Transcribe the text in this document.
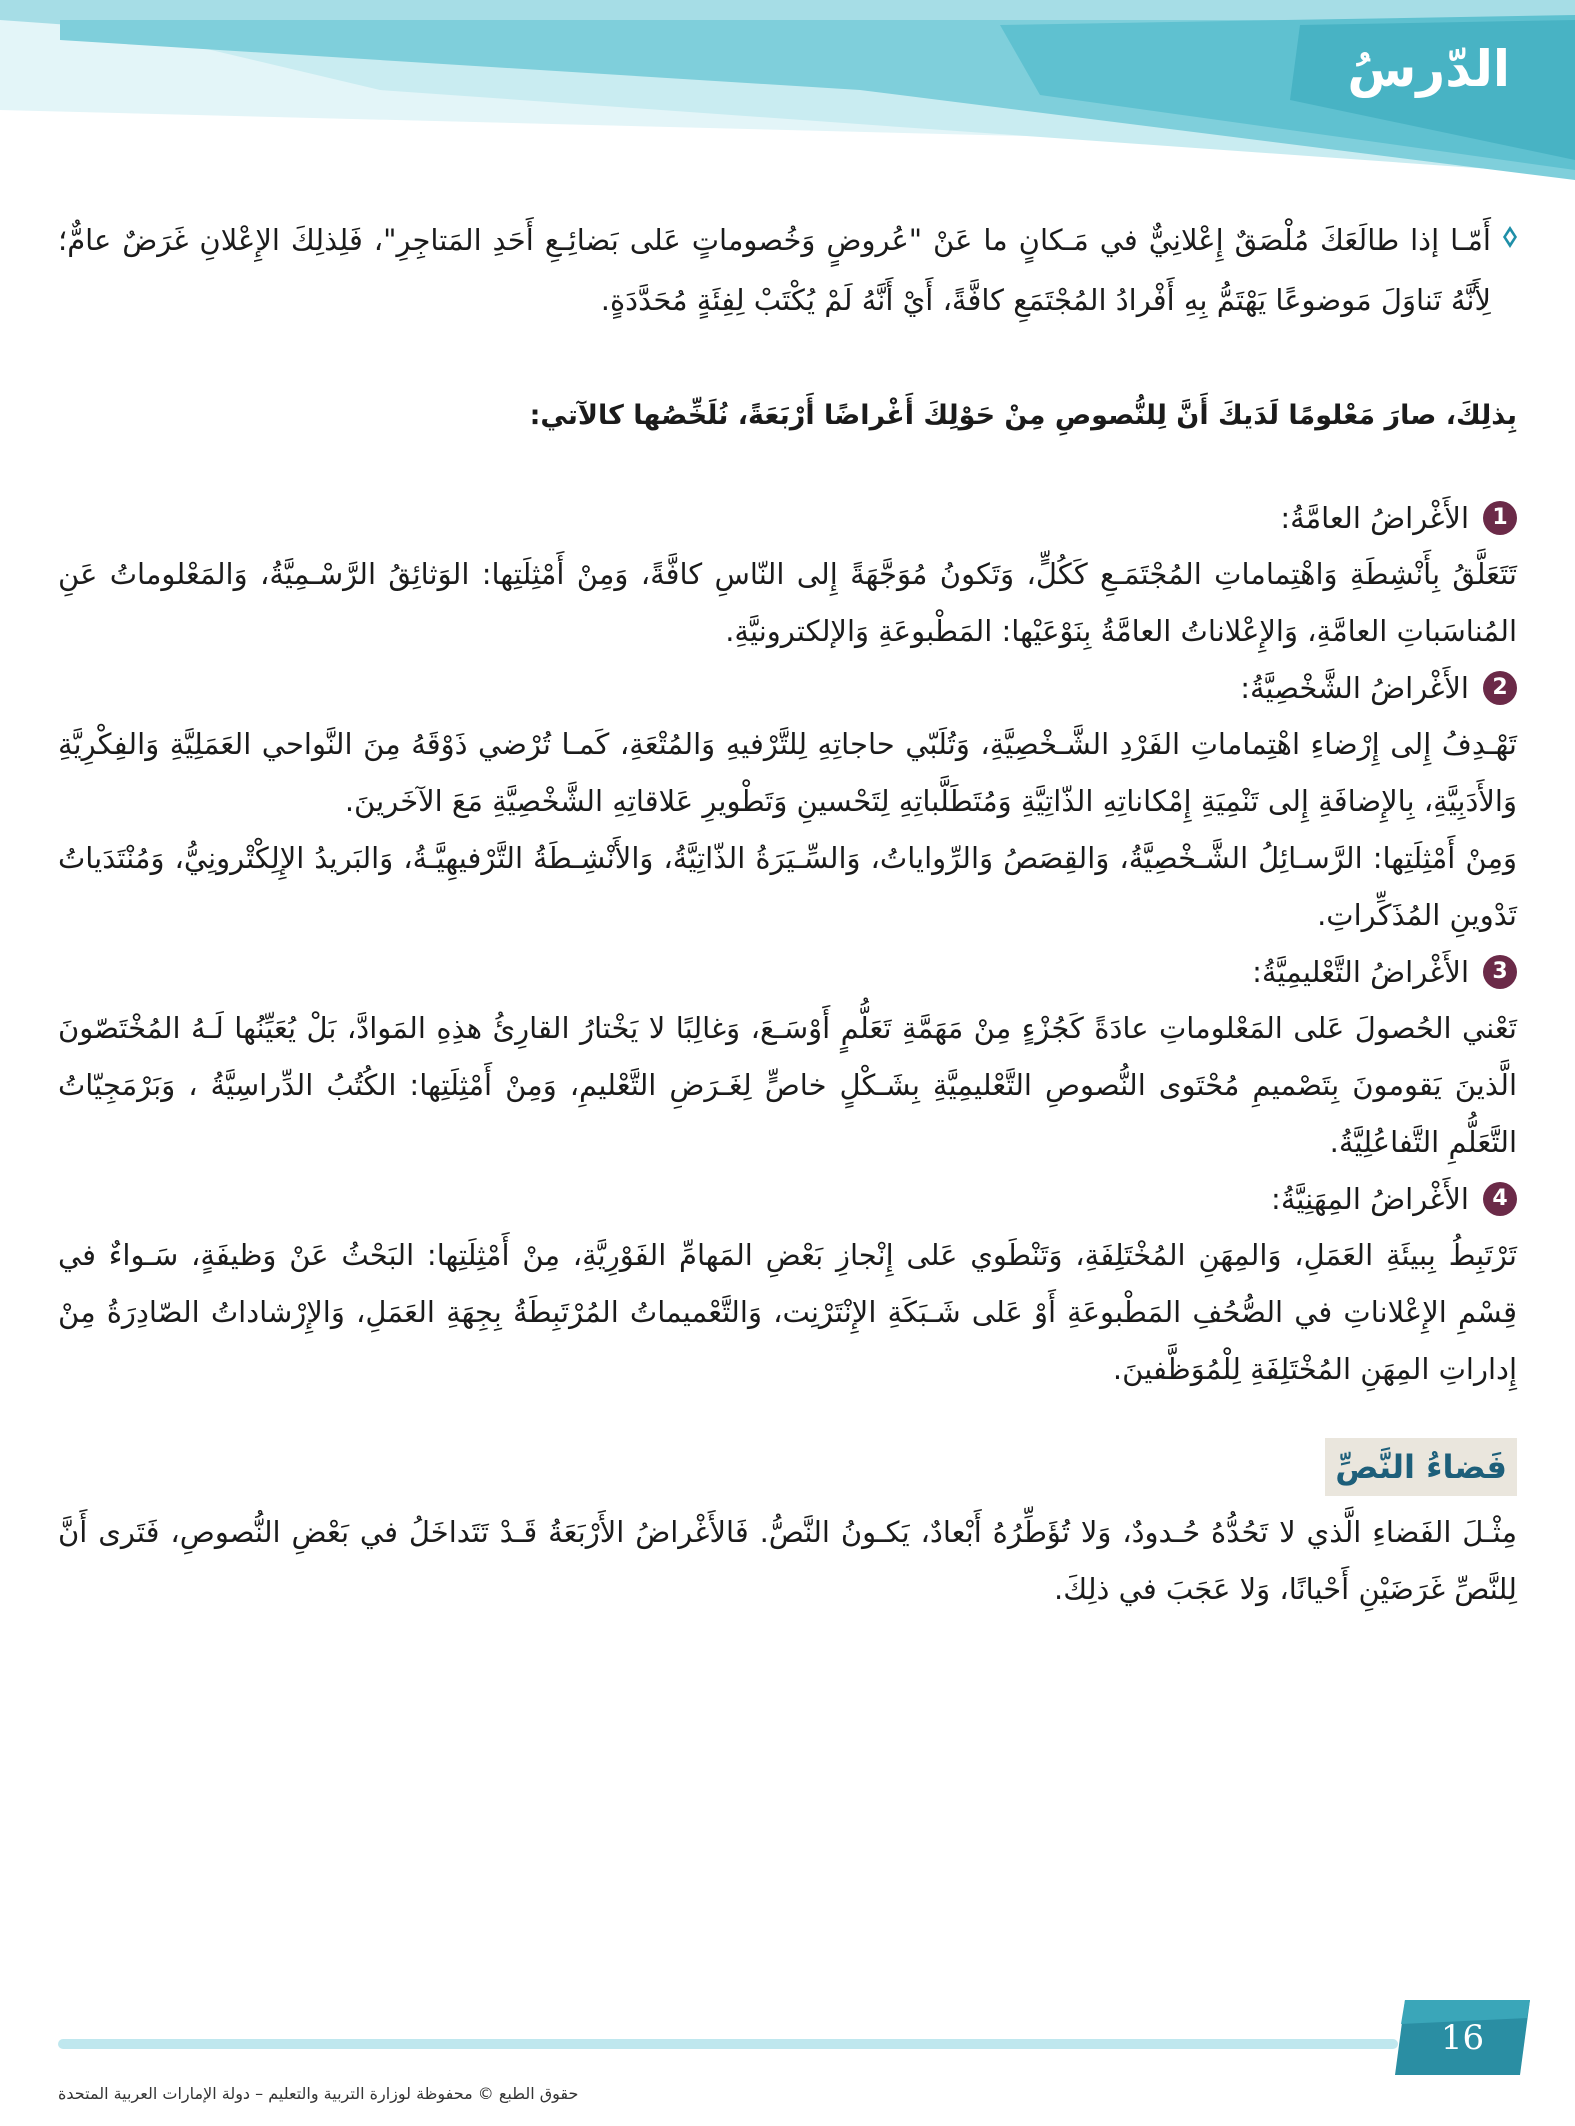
الدّرسُ

أَمّـا إذا طالَعَكَ مُلْصَقٌ إِعْلانِيٌّ في مَـكانٍ ما عَنْ "عُروضٍ وَخُصوماتٍ عَلى بَضائِـعِ أَحَدِ المَتاجِرِ"، فَلِذلِكَ الإِعْلانِ غَرَضٌ عامٌّ؛ لِأَنَّهُ تَناوَلَ مَوضوعًا يَهْتَمُّ بِهِ أَفْرادُ المُجْتَمَعِ كافَّةً، أَيْ أَنَّهُ لَمْ يُكْتَبْ لِفِئَةٍ مُحَدَّدَةٍ.

بِذلِكَ، صارَ مَعْلومًا لَدَيكَ أَنَّ لِلنُّصوصِ مِنْ حَوْلِكَ أَغْراضًا أَرْبَعَةً، نُلَخِّصُها كالآتي:

1
الأَغْراضُ العامَّةُ:

تَتَعَلَّقُ بِأَنْشِطَةِ وَاهْتِماماتِ المُجْتَمَـعِ كَكُلٍّ، وَتَكونُ مُوَجَّهَةً إِلى النّاسِ كافَّةً، وَمِنْ أَمْثِلَتِها: الوَثائِقُ الرَّسْـمِيَّةُ، وَالمَعْلوماتُ عَنِ المُناسَباتِ العامَّةِ، وَالإِعْلاناتُ العامَّةُ بِنَوْعَيْها: المَطْبوعَةِ وَالإلكترونيَّةِ.

2
الأَغْراضُ الشَّخْصِيَّةُ:

تَهْـدِفُ إِلى إِرْضاءِ اهْتِماماتِ الفَرْدِ الشَّـخْصِيَّةِ، وَتُلَبّي حاجاتِهِ لِلتَّرْفيهِ وَالمُتْعَةِ، كَمـا تُرْضي ذَوْقَهُ مِنَ النَّواحي العَمَلِيَّةِ وَالفِكْرِيَّةِ وَالأَدَبِيَّةِ، بِالإِضافَةِ إِلى تَنْمِيَةِ إِمْكاناتِهِ الذّاتِيَّةِ وَمُتَطَلَّباتِهِ لِتَحْسينِ وَتَطْويرِ عَلاقاتِهِ الشَّخْصِيَّةِ مَعَ الآخَرينَ.

وَمِنْ أَمْثِلَتِها: الرَّسـائِلُ الشَّـخْصِيَّةُ، وَالقِصَصُ وَالرِّواياتُ، وَالسِّـيَرَةُ الذّاتِيَّةُ، وَالأَنْشِـطَةُ التَّرْفيهِيَّـةُ، وَالبَريدُ الإِلِكْتْرونِيُّ، وَمُنْتَدَياتُ تَدْوينِ المُذَكِّراتِ.

3
الأَغْراضُ التَّعْليمِيَّةُ:

تَعْني الحُصولَ عَلى المَعْلوماتِ عادَةً كَجُزْءٍ مِنْ مَهَمَّةِ تَعَلُّمٍ أَوْسَـعَ، وَغالِبًا لا يَخْتارُ القارِئُ هذِهِ المَوادَّ، بَلْ يُعَيِّنُها لَـهُ المُخْتَصّونَ الَّذينَ يَقومونَ بِتَصْميمِ مُحْتَوى النُّصوصِ التَّعْليمِيَّةِ بِشَـكْلٍ خاصٍّ لِغَـرَضِ التَّعْليمِ، وَمِنْ أَمْثِلَتِها: الكُتُبُ الدِّراسِيَّةُ ، وَبَرْمَجِيّاتُ التَّعَلُّمِ التَّفاعُلِيَّةُ.

4
الأَغْراضُ المِهَنِيَّةُ:

تَرْتَبِطُ بِبيئَةِ العَمَلِ، وَالمِهَنِ المُخْتَلِفَةِ، وَتَنْطَوي عَلى إِنْجازِ بَعْضِ المَهامِّ الفَوْرِيَّةِ، مِنْ أَمْثِلَتِها: البَحْثُ عَنْ وَظيفَةٍ، سَـواءٌ في قِسْمِ الإِعْلاناتِ في الصُّحُفِ المَطْبوعَةِ أَوْ عَلى شَـبَكَةِ الإِنْتَرْنِت، وَالتَّعْميماتُ المُرْتَبِطَةُ بِجِهَةِ العَمَلِ، وَالإِرْشاداتُ الصّادِرَةُ مِنْ إِداراتِ المِهَنِ المُخْتَلِفَةِ لِلْمُوَظَّفينَ.

فَضاءُ النَّصِّ

مِثْـلَ الفَضاءِ الَّذي لا تَحُدُّهُ حُـدودٌ، وَلا تُؤَطِّرُهُ أَبْعادٌ، يَكـونُ النَّصُّ. فَالأَغْراضُ الأَرْبَعَةُ قَـدْ تَتَداخَلُ في بَعْضِ النُّصوصِ، فَتَرى أَنَّ لِلنَّصِّ غَرَضَيْنِ أَحْيانًا، وَلا عَجَبَ في ذلِكَ.

16
حقوق الطبع © محفوظة لوزارة التربية والتعليم – دولة الإمارات العربية المتحدة
